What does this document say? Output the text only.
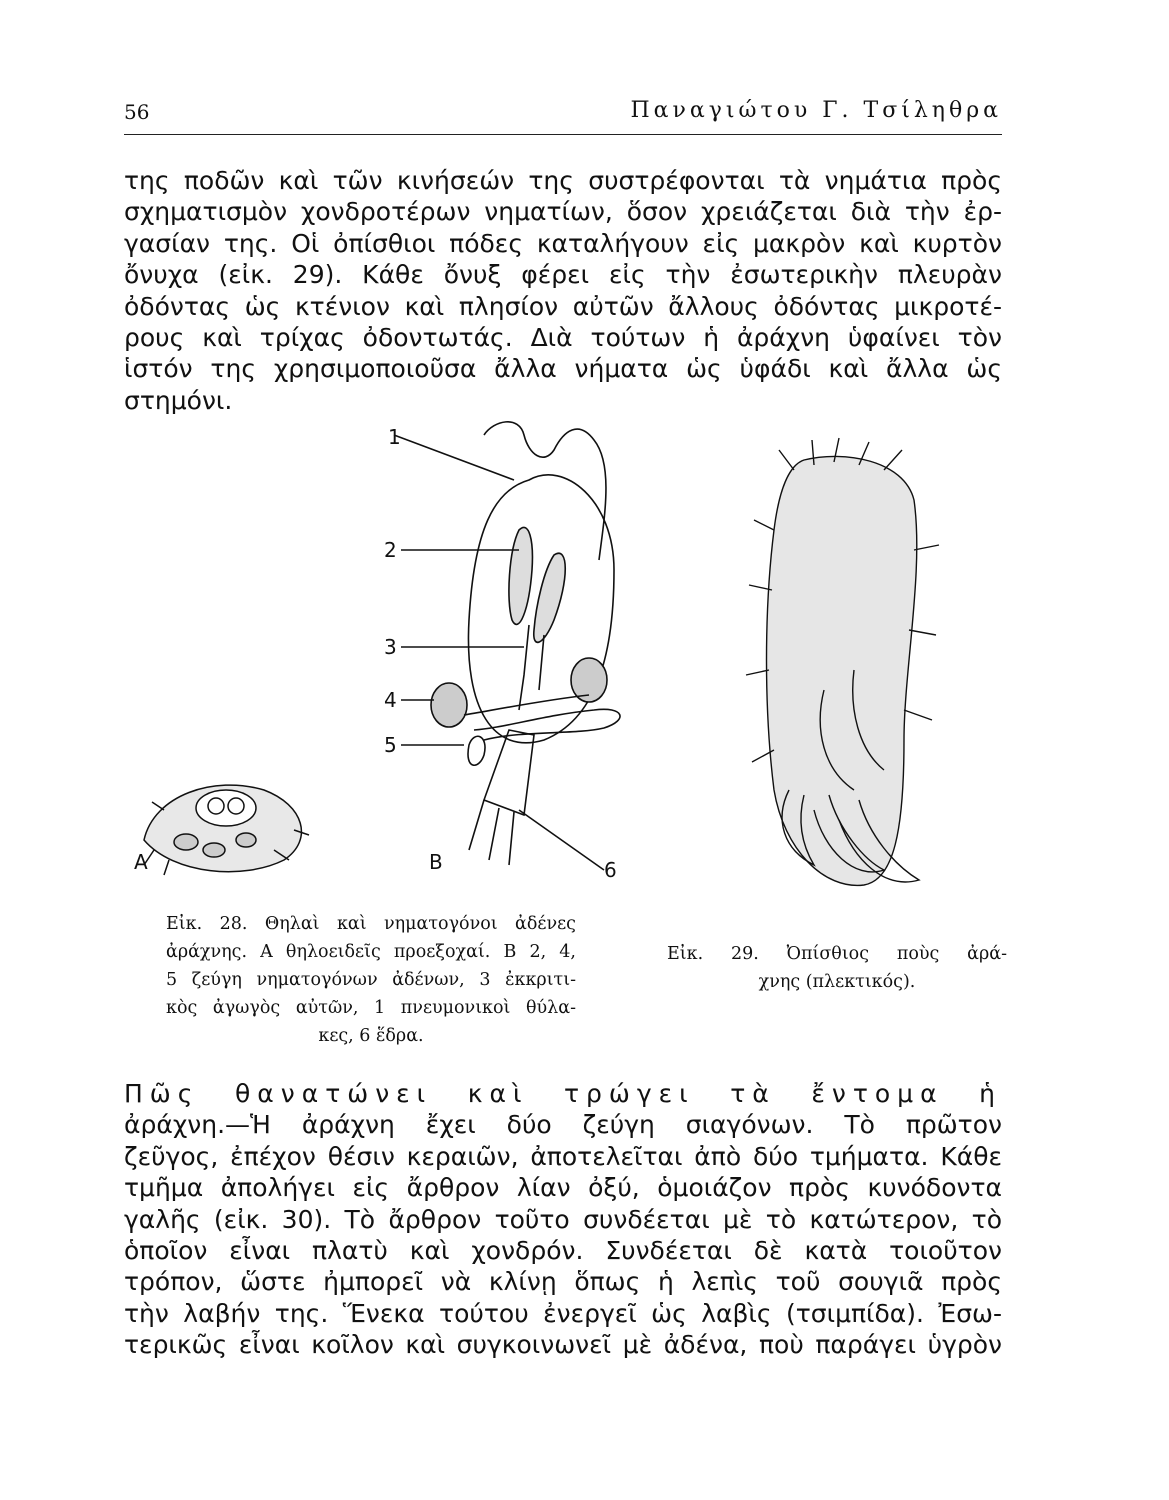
56	Παναγιώτου Γ. Τσίληθρα
της ποδῶν καὶ τῶν κινήσεών της συστρέφονται τὰ νημάτια πρὸς
σχηματισμὸν χονδροτέρων νηματίων, ὅσον χρειάζεται διὰ τὴν ἐρ-
γασίαν της. Οἱ ὀπίσθιοι πόδες καταλήγουν εἰς μακρὸν καὶ κυρτὸν
ὄνυχα (εἰκ. 29). Κάθε ὄνυξ φέρει εἰς τὴν ἐσωτερικὴν πλευρὰν
ὀδόντας ὡς κτένιον καὶ πλησίον αὐτῶν ἄλλους ὀδόντας μικροτέ-
ρους καὶ τρίχας ὀδοντωτάς. Διὰ τούτων ἡ ἀράχνη ὑφαίνει τὸν
ἱστόν της χρησιμοποιοῦσα ἄλλα νήματα ὡς ὑφάδι καὶ ἄλλα ὡς
στημόνι.
1
2
3
4
5
6
A	B
Εἰκ. 28. Θηλαὶ καὶ νηματογόνοι ἀδένες
ἀράχνης. Α θηλοειδεῖς προεξοχαί. Β 2, 4,
5 ζεύγη νηματογόνων ἀδένων, 3 ἐκκριτι-
κὸς ἀγωγὸς αὐτῶν, 1 πνευμονικοὶ θύλα-
κες, 6 ἕδρα.
Εἰκ. 29. Ὀπίσθιος ποὺς ἀρά-
χνης (πλεκτικός).
Πῶς θανατώνει καὶ τρώγει τὰ ἔντομα ἡ
ἀράχνη.—Ἡ ἀράχνη ἔχει δύο ζεύγη σιαγόνων. Τὸ πρῶτον
ζεῦγος, ἐπέχον θέσιν κεραιῶν, ἀποτελεῖται ἀπὸ δύο τμήματα. Κάθε
τμῆμα ἀπολήγει εἰς ἄρθρον λίαν ὀξύ, ὁμοιάζον πρὸς κυνόδοντα
γαλῆς (εἰκ. 30). Τὸ ἄρθρον τοῦτο συνδέεται μὲ τὸ κατώτερον, τὸ
ὁποῖον εἶναι πλατὺ καὶ χονδρόν. Συνδέεται δὲ κατὰ τοιοῦτον
τρόπον, ὥστε ἠμπορεῖ νὰ κλίνῃ ὅπως ἡ λεπὶς τοῦ σουγιᾶ πρὸς
τὴν λαβήν της. Ἕνεκα τούτου ἐνεργεῖ ὡς λαβὶς (τσιμπίδα). Ἐσω-
τερικῶς εἶναι κοῖλον καὶ συγκοινωνεῖ μὲ ἀδένα, ποὺ παράγει ὑγρὸν
